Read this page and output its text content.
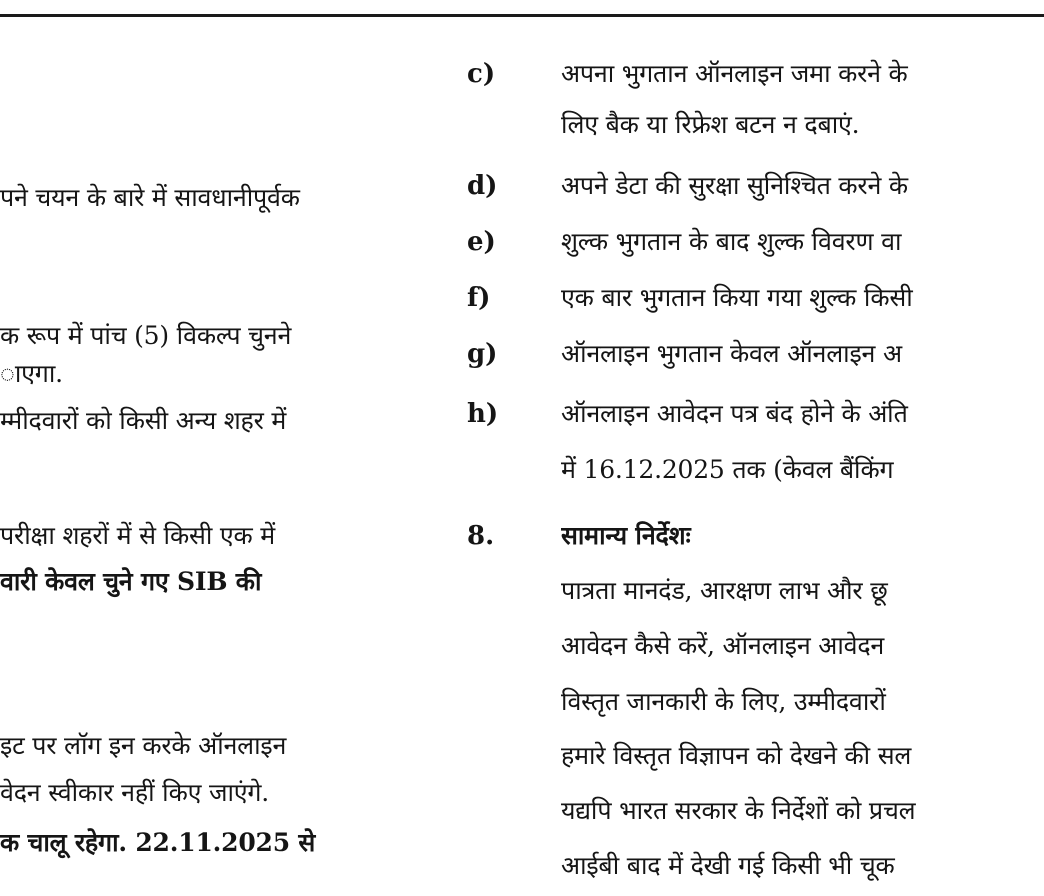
पने चयन के बारे में सावधानीपूर्वक
क रूप में पांच (5) विकल्प चुनने
ाएगा.
म्मीदवारों को किसी अन्य शहर में
परीक्षा शहरों में से किसी एक में
वारी केवल चुने गए SIB की
इट पर लॉग इन करके ऑनलाइन
वेदन स्वीकार नहीं किए जाएंगे.
क चालू रहेगा. 22.11.2025 से
c)	अपना भुगतान ऑनलाइन जमा करने के
लिए बैक या रिफ्रेश बटन न दबाएं.
d)	अपने डेटा की सुरक्षा सुनिश्चित करने के
e)	शुल्क भुगतान के बाद शुल्क विवरण वा
f)	एक बार भुगतान किया गया शुल्क किसी
g)	ऑनलाइन भुगतान केवल ऑनलाइन अ
h)	ऑनलाइन आवेदन पत्र बंद होने के अंति
में 16.12.2025 तक (केवल बैंकिंग
8.	सामान्य निर्देशः
पात्रता मानदंड, आरक्षण लाभ और छू
आवेदन कैसे करें, ऑनलाइन आवेदन
विस्तृत जानकारी के लिए, उम्मीदवारों
हमारे विस्तृत विज्ञापन को देखने की सल
यद्यपि भारत सरकार के निर्देशों को प्रचल
आईबी बाद में देखी गई किसी भी चूक
